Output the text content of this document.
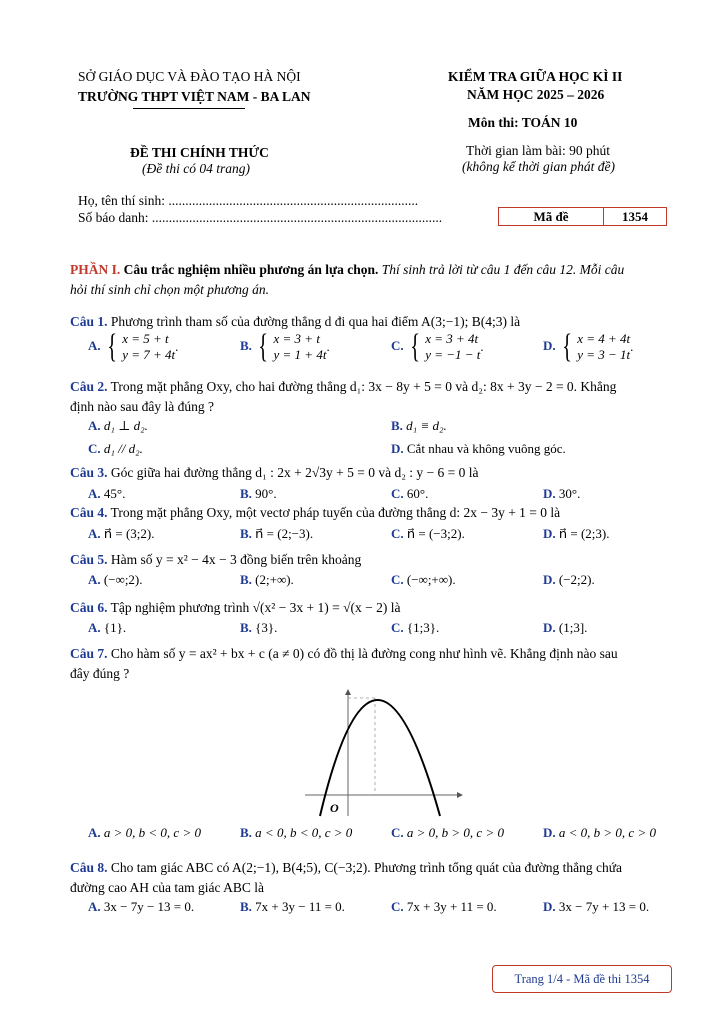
SỞ GIÁO DỤC VÀ ĐÀO TẠO HÀ NỘI
TRƯỜNG THPT VIỆT NAM - BA LAN
KIỂM TRA GIỮA HỌC KÌ II
NĂM HỌC 2025 – 2026
Môn thi: TOÁN 10
ĐỀ THI CHÍNH THỨC
(Đề thi có 04 trang)
Thời gian làm bài: 90 phút
(không kể thời gian phát đề)
Họ, tên thí sinh: ..........................................................................
Số báo danh: ......................................................................................	Mã đề	1354
PHẦN I. Câu trắc nghiệm nhiều phương án lựa chọn. Thí sinh trả lời từ câu 1 đến câu 12. Mỗi câu
hỏi thí sinh chỉ chọn một phương án.
Câu 1. Phương trình tham số của đường thẳng d đi qua hai điểm A(3;−1); B(4;3) là
A. { x = 5 + t
y = 7 + 4t
.	B. { x = 3 + t
y = 1 + 4t
.	C. { x = 3 + 4t
y = −1 − t
.	D. { x = 4 + 4t
y = 3 − 1t
.
Câu 2. Trong mặt phẳng Oxy, cho hai đường thẳng d₁: 3x − 8y + 5 = 0 và d₂: 8x + 3y − 2 = 0. Khẳng
định nào sau đây là đúng ?
A. d₁ ⊥ d₂.	B. d₁ ≡ d₂.
C. d₁ // d₂.	D. Cắt nhau và không vuông góc.
Câu 3. Góc giữa hai đường thẳng d₁ : 2x + 2√3y + 5 = 0 và d₂ : y − 6 = 0 là
A. 45°.	B. 90°.	C. 60°.	D. 30°.
Câu 4. Trong mặt phẳng Oxy, một vectơ pháp tuyến của đường thẳng d: 2x − 3y + 1 = 0 là
A. n⃗ = (3;2).	B. n⃗ = (2;−3).	C. n⃗ = (−3;2).	D. n⃗ = (2;3).
Câu 5. Hàm số y = x² − 4x − 3 đồng biến trên khoảng
A. (−∞;2).	B. (2;+∞).	C. (−∞;+∞).	D. (−2;2).
Câu 6. Tập nghiệm phương trình √(x² − 3x + 1) = √(x − 2) là
A. {1}.	B. {3}.	C. {1;3}.	D. (1;3].
Câu 7. Cho hàm số y = ax² + bx + c (a ≠ 0) có đồ thị là đường cong như hình vẽ. Khẳng định nào sau
đây đúng ?
O
A. a > 0, b < 0, c > 0	B. a < 0, b < 0, c > 0	C. a > 0, b > 0, c > 0	D. a < 0, b > 0, c > 0
Câu 8. Cho tam giác ABC có A(2;−1), B(4;5), C(−3;2). Phương trình tổng quát của đường thẳng chứa
đường cao AH của tam giác ABC là
A. 3x − 7y − 13 = 0.	B. 7x + 3y − 11 = 0.	C. 7x + 3y + 11 = 0.	D. 3x − 7y + 13 = 0.
Trang 1/4 - Mã đề thi 1354
